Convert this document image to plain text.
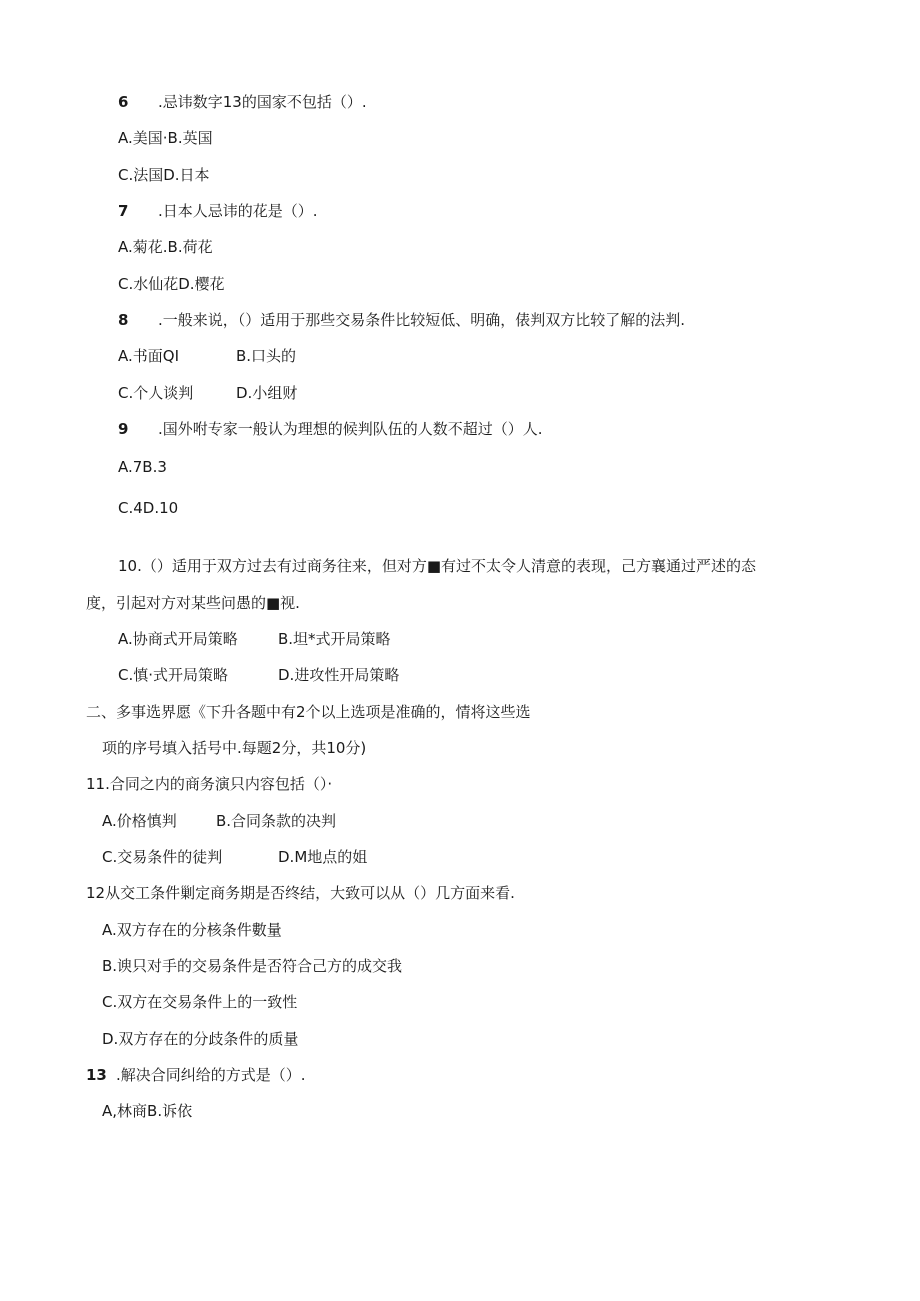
6 .忌讳数字13的国家不包括（）.
A.美国·B.英国
C.法国D.日本
7 .日本人忌讳的花是（）.
A.菊花.B.荷花
C.水仙花D.樱花
8 .一般来说，（）适用于那些交易条件比较短低、明确，俵判双方比较了解的法判.
A.书面QI	B.口头的
C.个人谈判	D.小组财
9 .国外咐专家一般认为理想的候判队伍的人数不超过（）人.
A.7B.3
C.4D.10
10.（）适用于双方过去有过商务往来，但对方■有过不太令人清意的表现，己方襄通过严述的态
度，引起对方对某些问愚的■视.
A.协商式开局策略	B.坦*式开局策略
C.慎·式开局策略	D.进攻性开局策略
二、多事选界愿《下升各题中有2个以上选项是准确的，情将这些选
项的序号填入括号中.每题2分，共10分)
11.合同之内的商务演只内容包括（）·
A.价格慎判	B.合同条款的决判
C.交易条件的徒判	D.M地点的姐
12从交工条件剿定商务期是否终结，大致可以从（）几方面来看.
A.双方存在的分核条件數量
B.谀只对手的交易条件是否符合己方的成交我
C.双方在交易条件上的一致性
D.双方存在的分歧条件的质量
13 .解决合同纠给的方式是（）.
A,林商B.诉依
